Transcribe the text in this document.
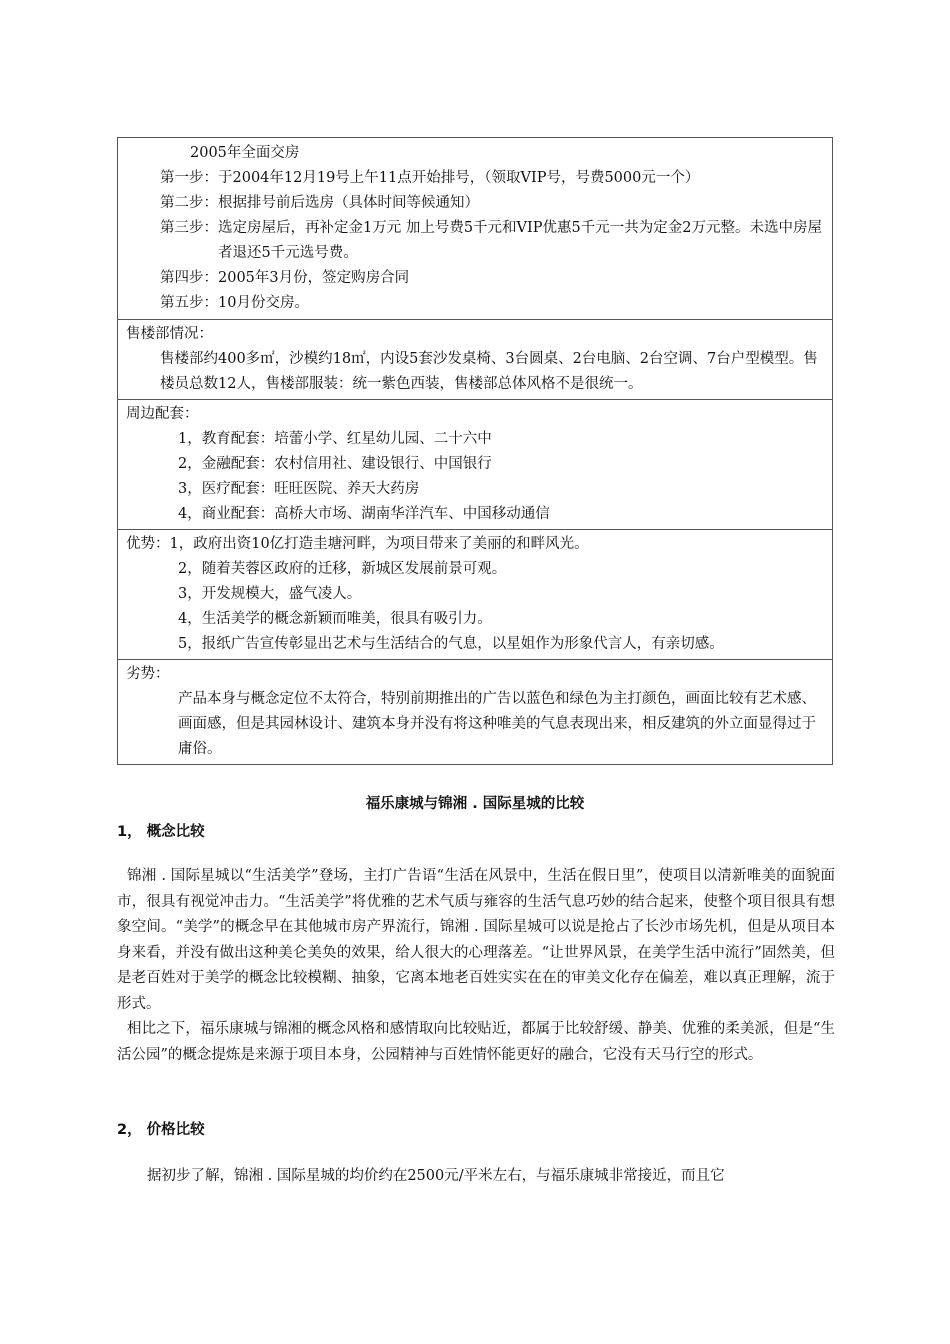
2005年全面交房
第一步： 于2004年12月19号上午11点开始排号，（领取VIP号，号费5000元一个）
第二步： 根据排号前后选房（具体时间等候通知）
第三步： 选定房屋后，再补定金1万元 加上号费5千元和VIP优惠5千元一共为定金2万元整。未选中房屋者退还5千元选号费。
第四步： 2005年3月份，签定购房合同
第五步： 10月份交房。
售楼部情况：
售楼部约400多㎡，沙模约18㎡，内设5套沙发桌椅、3台圆桌、2台电脑、2台空调、7台户型模型。售楼员总数12人，售楼部服装：统一紫色西装，售楼部总体风格不是很统一。
周边配套：
1，教育配套：培蕾小学、红星幼儿园、二十六中
2，金融配套：农村信用社、建设银行、中国银行
3，医疗配套：旺旺医院、养天大药房
4，商业配套：高桥大市场、湖南华洋汽车、中国移动通信
优势：1，政府出资10亿打造圭塘河畔，为项目带来了美丽的和畔风光。
2，随着芙蓉区政府的迁移，新城区发展前景可观。
3，开发规模大，盛气凌人。
4，生活美学的概念新颖而唯美，很具有吸引力。
5，报纸广告宣传彰显出艺术与生活结合的气息，以星姐作为形象代言人，有亲切感。
劣势：
产品本身与概念定位不太符合，特别前期推出的广告以蓝色和绿色为主打颜色，画面比较有艺术感、画面感，但是其园林设计、建筑本身并没有将这种唯美的气息表现出来，相反建筑的外立面显得过于庸俗。
福乐康城与锦湘 . 国际星城的比较
1， 概念比较
锦湘 . 国际星城以“生活美学”登场，主打广告语“生活在风景中，生活在假日里”，使项目以清新唯美的面貌面市，很具有视觉冲击力。“生活美学”将优雅的艺术气质与雍容的生活气息巧妙的结合起来，使整个项目很具有想象空间。“美学”的概念早在其他城市房产界流行，锦湘 . 国际星城可以说是抢占了长沙市场先机，但是从项目本身来看，并没有做出这种美仑美奂的效果，给人很大的心理落差。“让世界风景，在美学生活中流行”固然美，但是老百姓对于美学的概念比较模糊、抽象，它离本地老百姓实实在在的审美文化存在偏差，难以真正理解，流于形式。
相比之下，福乐康城与锦湘的概念风格和感情取向比较贴近，都属于比较舒缓、静美、优雅的柔美派，但是“生活公园”的概念提炼是来源于项目本身，公园精神与百姓情怀能更好的融合，它没有天马行空的形式。
2， 价格比较
据初步了解，锦湘 . 国际星城的均价约在2500元/平米左右，与福乐康城非常接近，而且它
